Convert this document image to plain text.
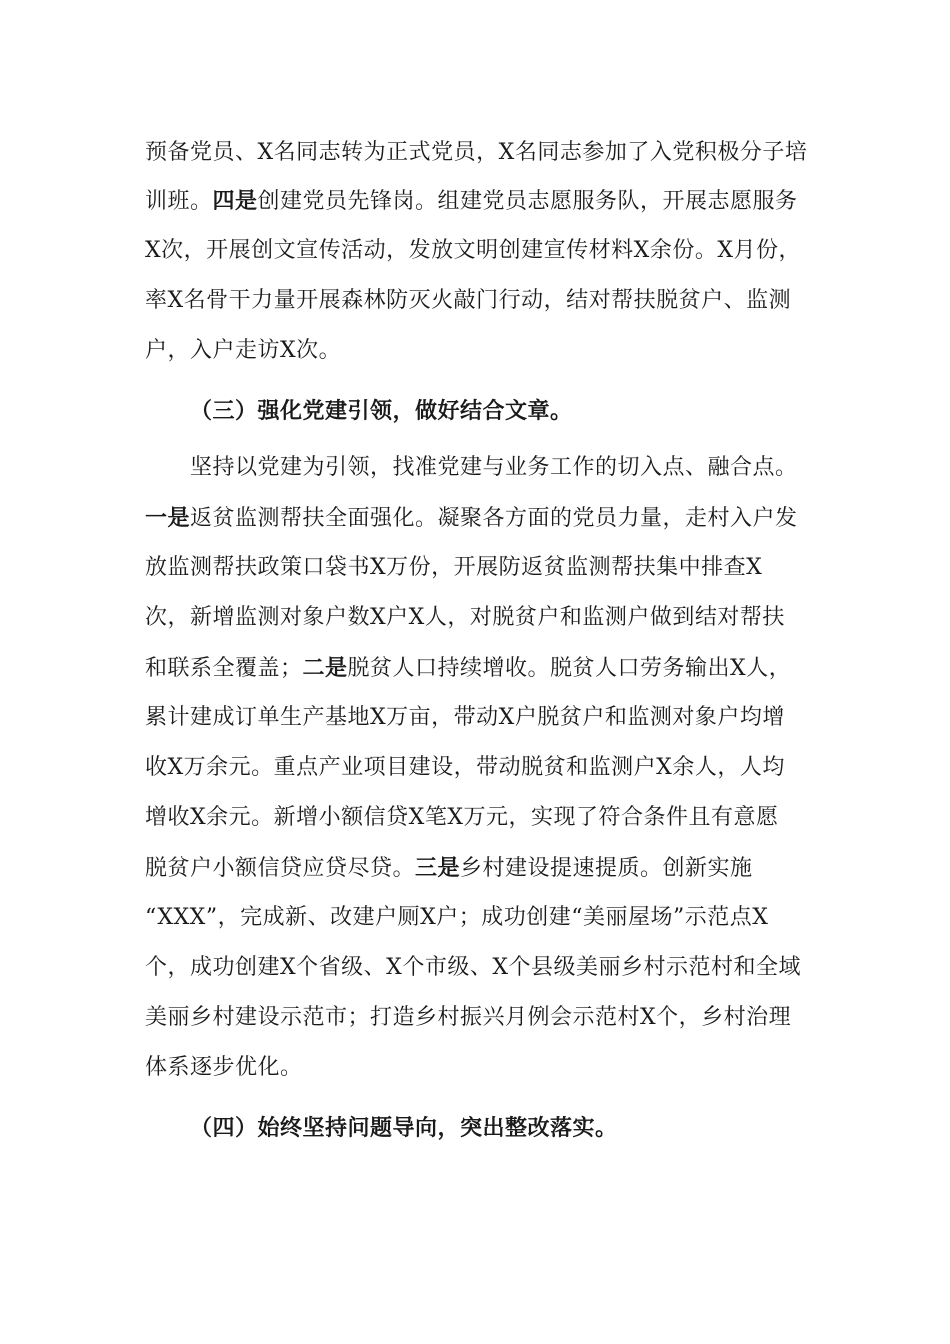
预备党员、X名同志转为正式党员，X名同志参加了入党积极分子培
训班。四是创建党员先锋岗。组建党员志愿服务队，开展志愿服务
X次，开展创文宣传活动，发放文明创建宣传材料X余份。X月份，
率X名骨干力量开展森林防灭火敲门行动，结对帮扶脱贫户、监测
户，入户走访X次。
（三）强化党建引领，做好结合文章。
坚持以党建为引领，找准党建与业务工作的切入点、融合点。
一是返贫监测帮扶全面强化。凝聚各方面的党员力量，走村入户发
放监测帮扶政策口袋书X万份，开展防返贫监测帮扶集中排查X
次，新增监测对象户数X户X人，对脱贫户和监测户做到结对帮扶
和联系全覆盖；二是脱贫人口持续增收。脱贫人口劳务输出X人，
累计建成订单生产基地X万亩，带动X户脱贫户和监测对象户均增
收X万余元。重点产业项目建设，带动脱贫和监测户X余人，人均
增收X余元。新增小额信贷X笔X万元，实现了符合条件且有意愿
脱贫户小额信贷应贷尽贷。三是乡村建设提速提质。创新实施
“XXX”，完成新、改建户厕X户；成功创建“美丽屋场”示范点X
个，成功创建X个省级、X个市级、X个县级美丽乡村示范村和全域
美丽乡村建设示范市；打造乡村振兴月例会示范村X个，乡村治理
体系逐步优化。
（四）始终坚持问题导向，突出整改落实。
